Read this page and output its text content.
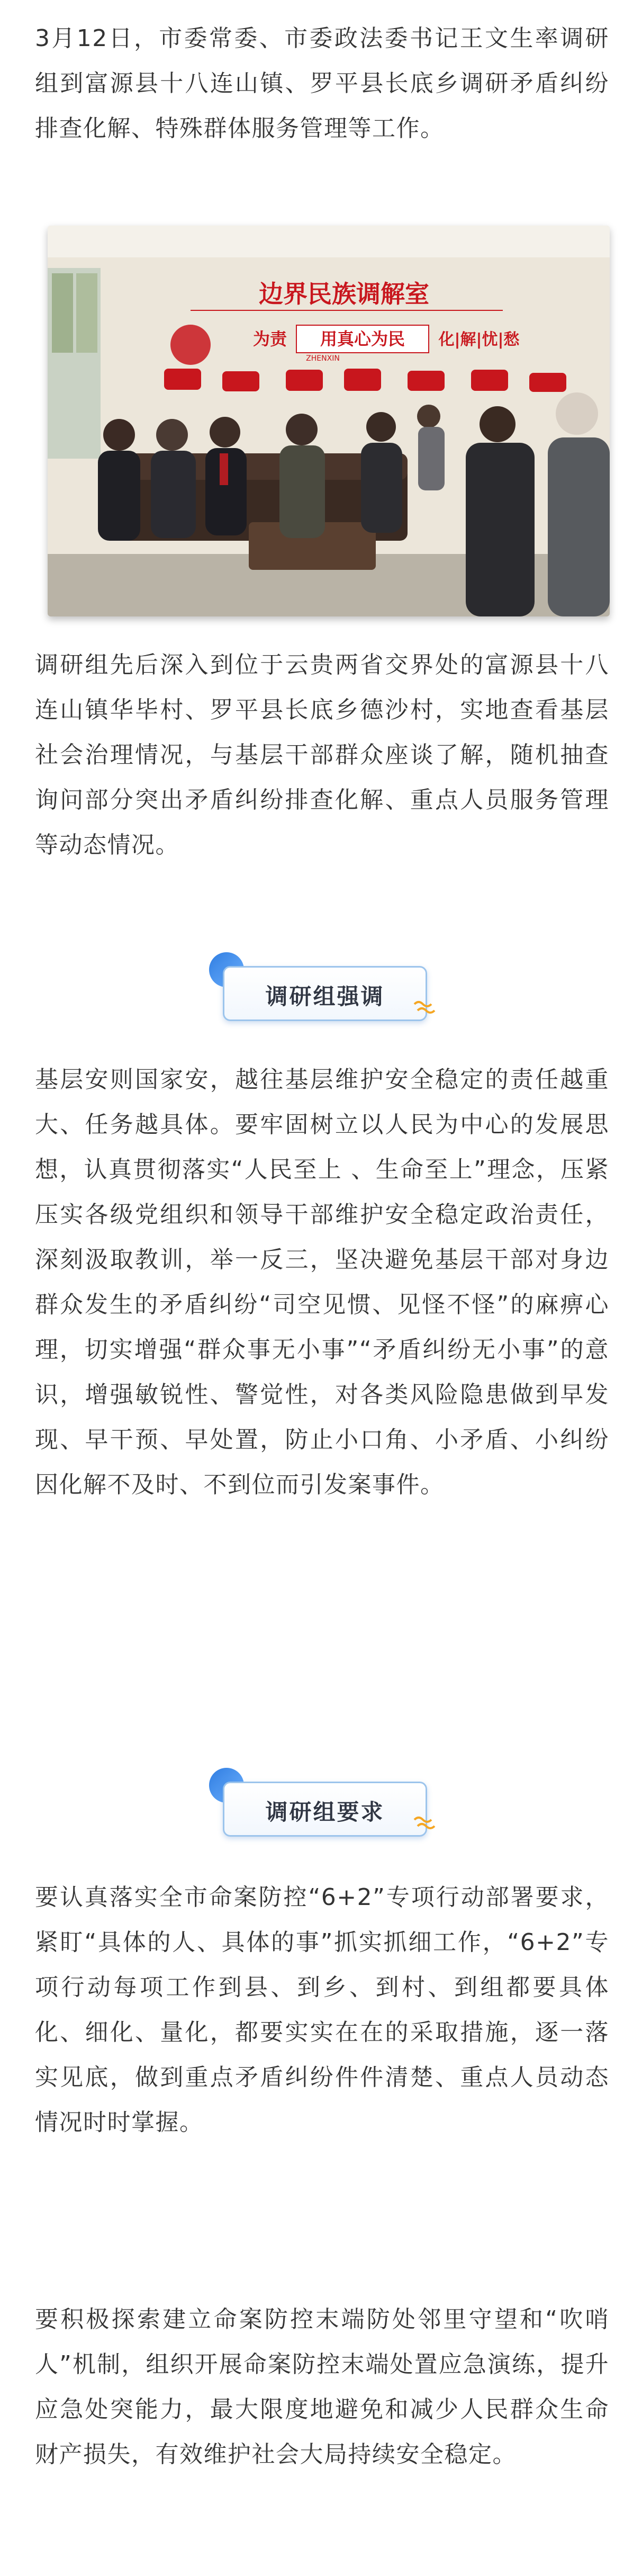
3月12日，市委常委、市委政法委书记王文生率调研组到富源县十八连山镇、罗平县长底乡调研矛盾纠纷排查化解、特殊群体服务管理等工作。

边界民族调解室
为责 用真心为民 化|解|忧|愁
ZHENXIN

调研组先后深入到位于云贵两省交界处的富源县十八连山镇华毕村、罗平县长底乡德沙村，实地查看基层社会治理情况，与基层干部群众座谈了解，随机抽查询问部分突出矛盾纠纷排查化解、重点人员服务管理等动态情况。

调研组强调

基层安则国家安，越往基层维护安全稳定的责任越重大、任务越具体。要牢固树立以人民为中心的发展思想，认真贯彻落实“人民至上 、生命至上”理念，压紧压实各级党组织和领导干部维护安全稳定政治责任，深刻汲取教训，举一反三，坚决避免基层干部对身边群众发生的矛盾纠纷“司空见惯、见怪不怪”的麻痹心理，切实增强“群众事无小事”“矛盾纠纷无小事”的意识，增强敏锐性、警觉性，对各类风险隐患做到早发现、早干预、早处置，防止小口角、小矛盾、小纠纷因化解不及时、不到位而引发案事件。

调研组要求

要认真落实全市命案防控“6+2”专项行动部署要求，紧盯“具体的人、具体的事”抓实抓细工作，“6+2”专项行动每项工作到县、到乡、到村、到组都要具体化、细化、量化，都要实实在在的采取措施，逐一落实见底，做到重点矛盾纠纷件件清楚、重点人员动态情况时时掌握。

要积极探索建立命案防控末端防处邻里守望和“吹哨人”机制，组织开展命案防控末端处置应急演练，提升应急处突能力，最大限度地避免和减少人民群众生命财产损失，有效维护社会大局持续安全稳定。
